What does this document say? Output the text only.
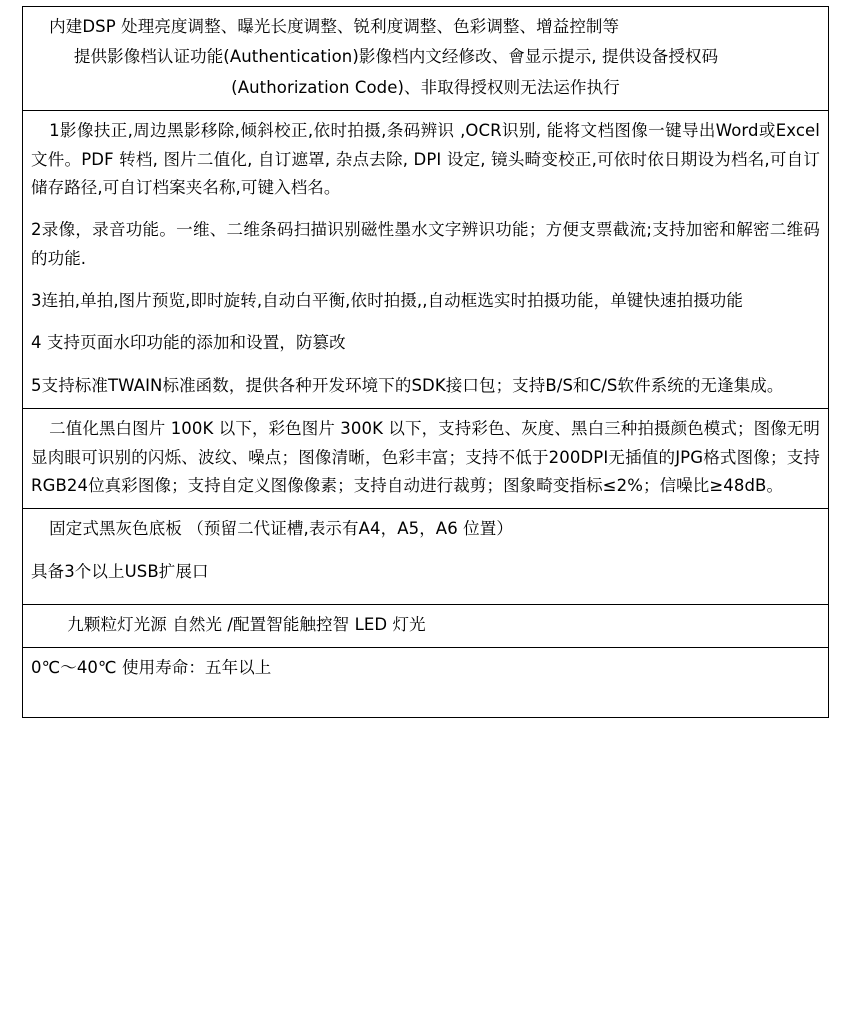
内建DSP 处理亮度调整、曝光长度调整、锐利度调整、色彩调整、增益控制等

提供影像档认证功能(Authentication)影像档内文经修改、會显示提示, 提供设备授权码

(Authorization Code)、非取得授权则无法运作执行

1影像扶正,周边黑影移除,倾斜校正,依时拍摄,条码辨识 ,OCR识别, 能将文档图像一键导出Word或Excel文件。PDF 转档, 图片二值化, 自订遮罩, 杂点去除, DPI 设定, 镜头畸变校正,可依时依日期设为档名,可自订储存路径,可自订档案夹名称,可键入档名。

2录像，录音功能。一维、二维条码扫描识别磁性墨水文字辨识功能；方便支票截流;支持加密和解密二维码的功能.

3连拍,单拍,图片预览,即时旋转,自动白平衡,依时拍摄,,自动框选实时拍摄功能，单键快速拍摄功能

4 支持页面水印功能的添加和设置，防篡改

5支持标准TWAIN标准函数，提供各种开发环境下的SDK接口包；支持B/S和C/S软件系统的无逢集成。

二值化黑白图片 100K 以下，彩色图片 300K 以下，支持彩色、灰度、黑白三种拍摄颜色模式；图像无明显肉眼可识别的闪烁、波纹、噪点；图像清晰，色彩丰富；支持不低于200DPI无插值的JPG格式图像；支持RGB24位真彩图像；支持自定义图像像素；支持自动进行裁剪；图象畸变指标≤2%；信噪比≥48dB。

固定式黑灰色底板 （预留二代证槽,表示有A4，A5，A6 位置）

具备3个以上USB扩展口

九颗粒灯光源 自然光 /配置智能触控智 LED 灯光

0℃～40℃ 使用寿命：五年以上
